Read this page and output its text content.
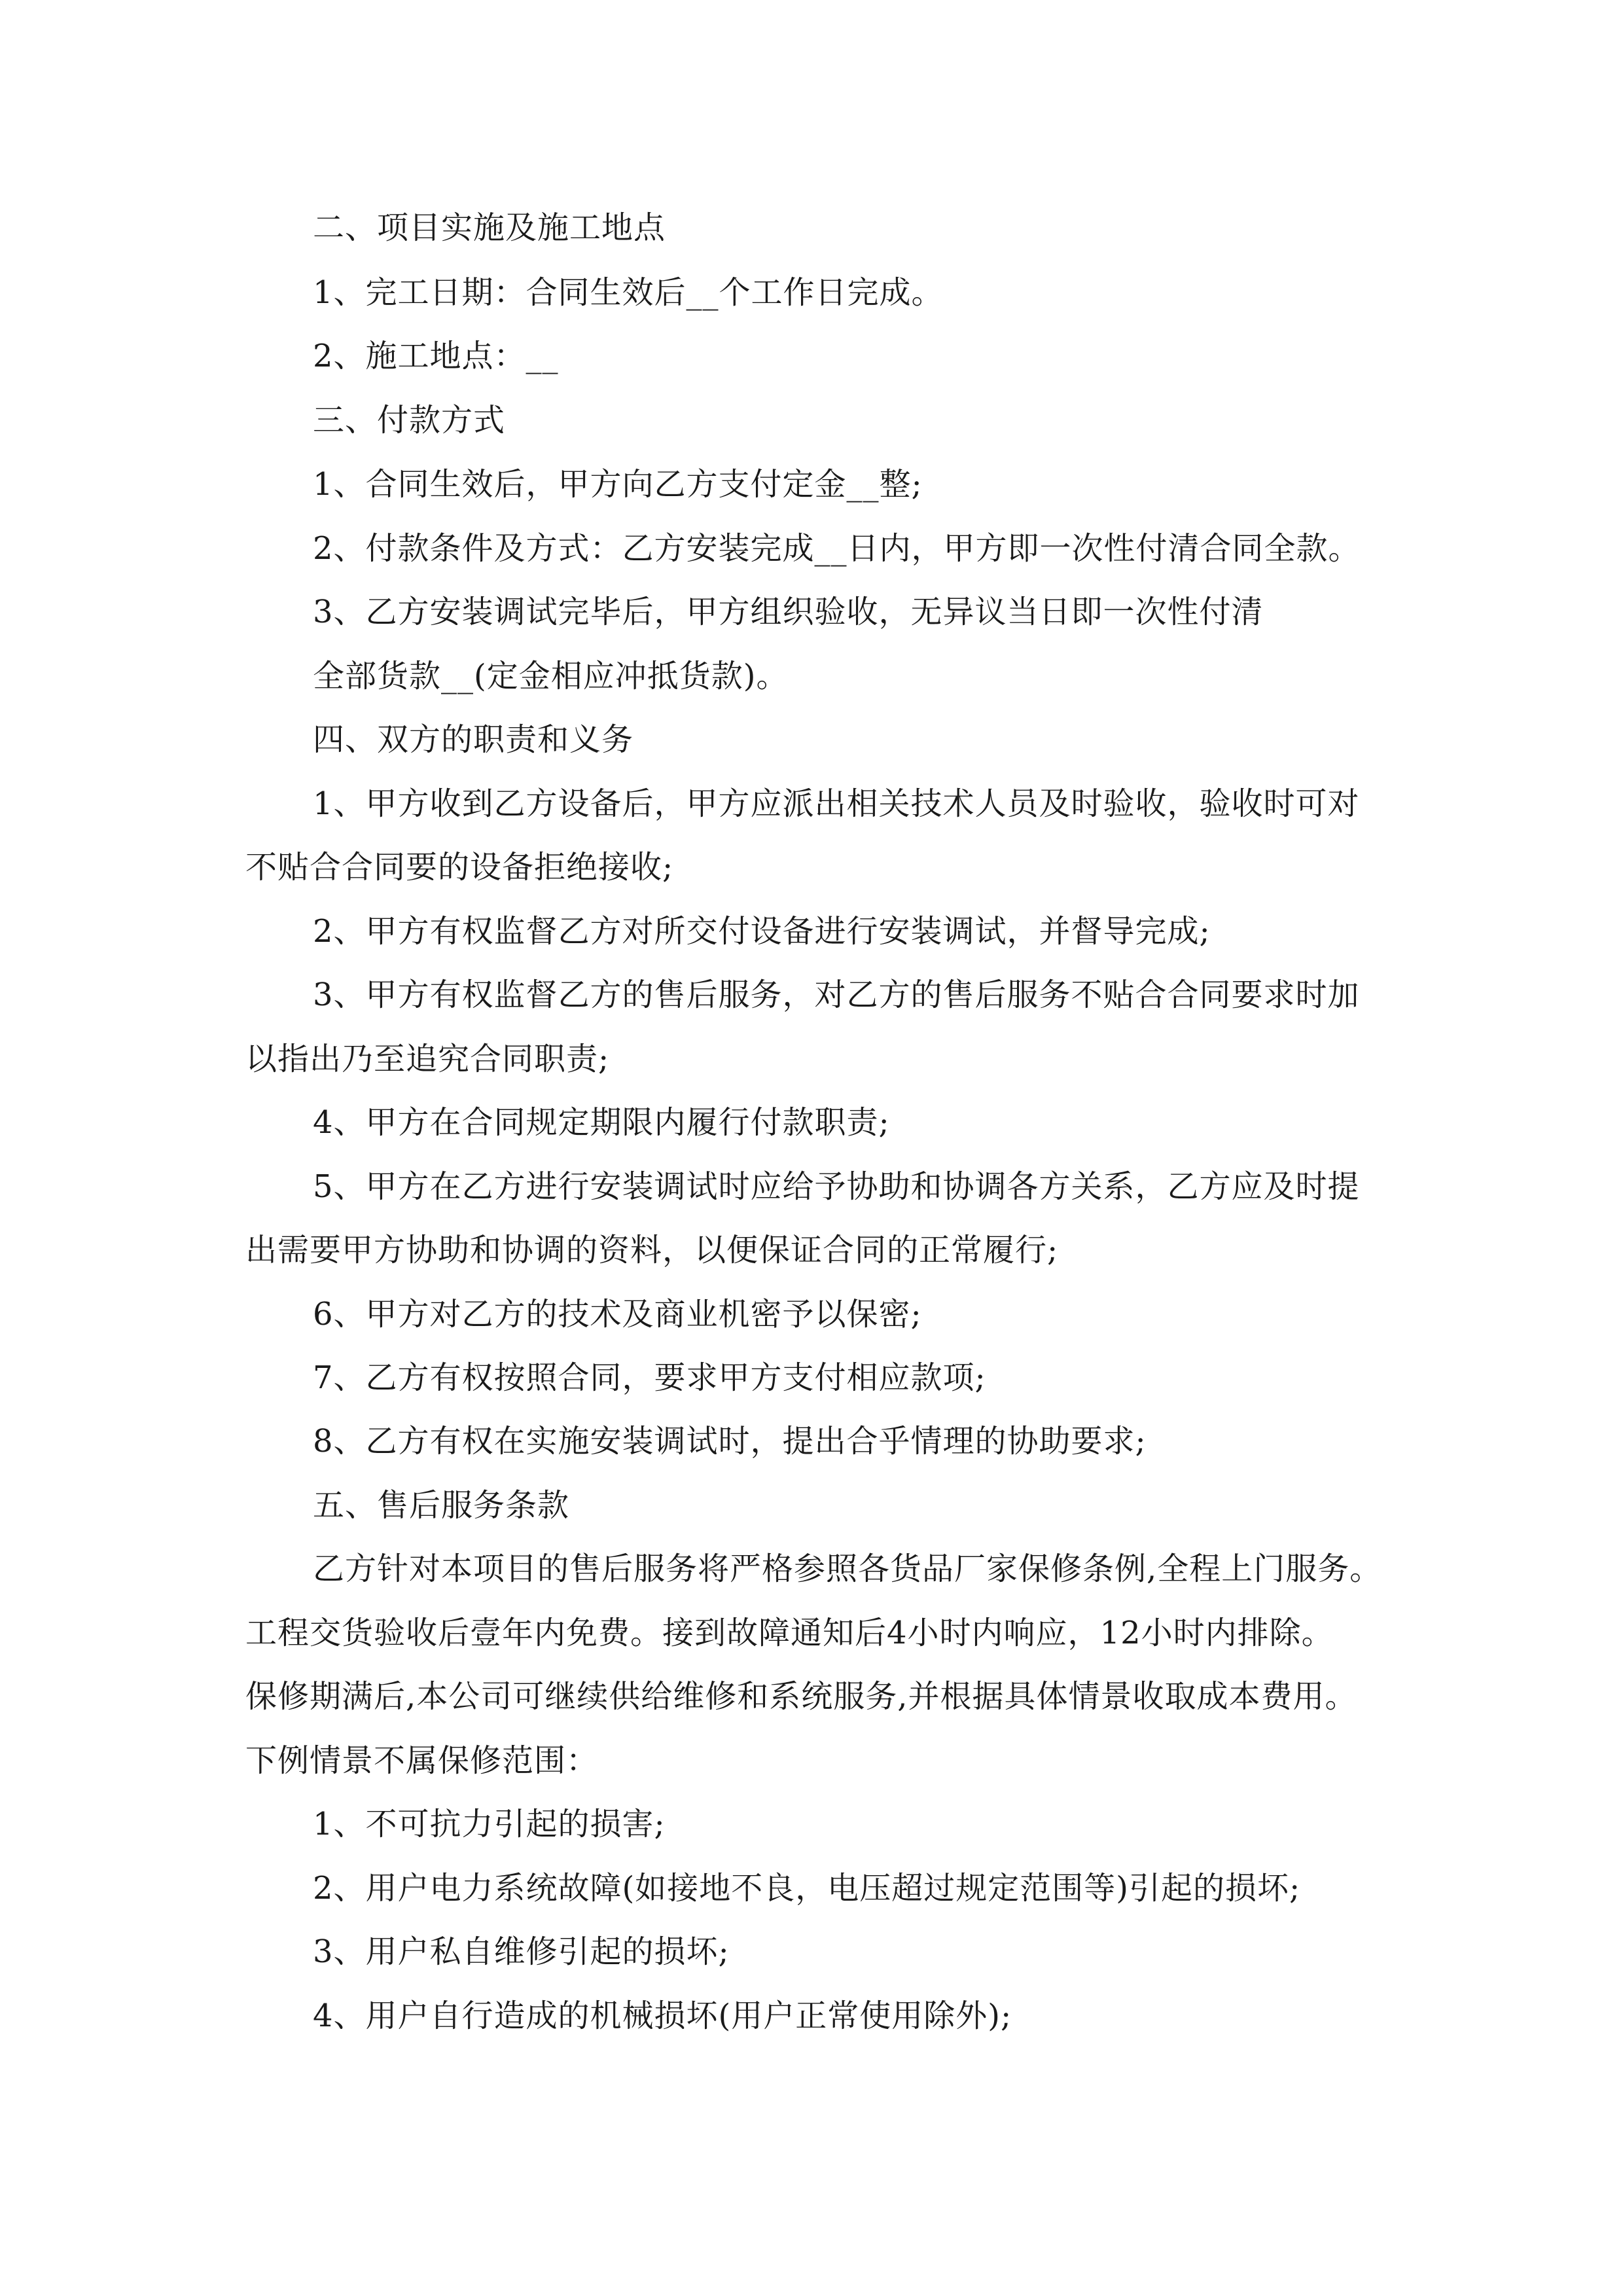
二、项目实施及施工地点
1、完工日期：合同生效后__个工作日完成。
2、施工地点：__
三、付款方式
1、合同生效后，甲方向乙方支付定金__整;
2、付款条件及方式：乙方安装完成__日内，甲方即一次性付清合同全款。
3、乙方安装调试完毕后，甲方组织验收，无异议当日即一次性付清
全部货款__(定金相应冲抵货款)。
四、双方的职责和义务
1、甲方收到乙方设备后，甲方应派出相关技术人员及时验收，验收时可对
不贴合合同要的设备拒绝接收;
2、甲方有权监督乙方对所交付设备进行安装调试，并督导完成;
3、甲方有权监督乙方的售后服务，对乙方的售后服务不贴合合同要求时加
以指出乃至追究合同职责;
4、甲方在合同规定期限内履行付款职责;
5、甲方在乙方进行安装调试时应给予协助和协调各方关系，乙方应及时提
出需要甲方协助和协调的资料，以便保证合同的正常履行;
6、甲方对乙方的技术及商业机密予以保密;
7、乙方有权按照合同，要求甲方支付相应款项;
8、乙方有权在实施安装调试时，提出合乎情理的协助要求;
五、售后服务条款
乙方针对本项目的售后服务将严格参照各货品厂家保修条例,全程上门服务。
工程交货验收后壹年内免费。接到故障通知后4小时内响应，12小时内排除。
保修期满后,本公司可继续供给维修和系统服务,并根据具体情景收取成本费用。
下例情景不属保修范围：
1、不可抗力引起的损害;
2、用户电力系统故障(如接地不良，电压超过规定范围等)引起的损坏;
3、用户私自维修引起的损坏;
4、用户自行造成的机械损坏(用户正常使用除外);
